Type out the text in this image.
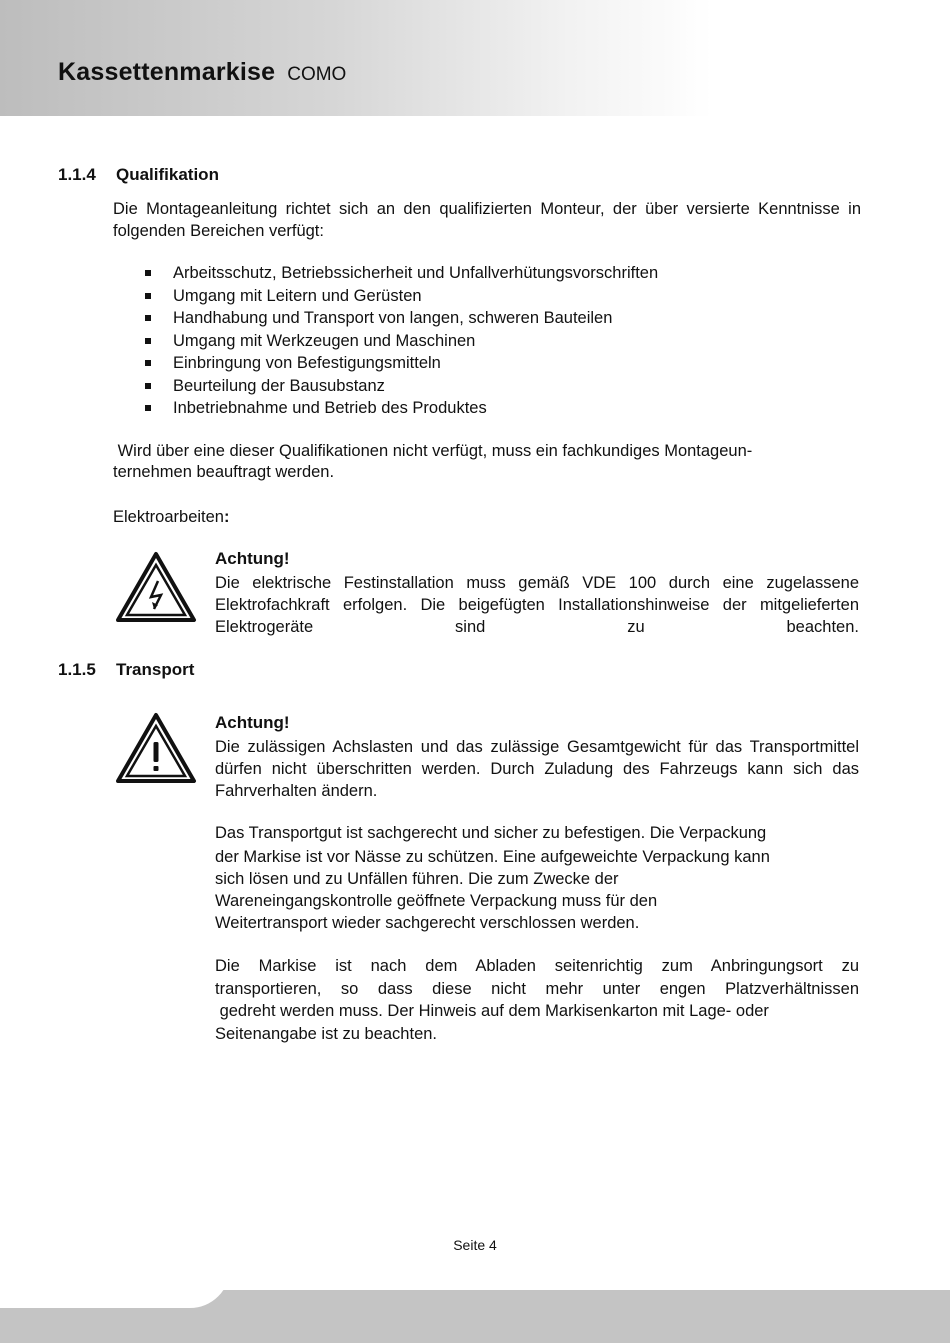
Kassettenmarkise COMO
1.1.4 Qualifikation
Die Montageanleitung richtet sich an den qualifizierten Monteur, der über versierte Kenntnisse in folgenden Bereichen verfügt:
Arbeitsschutz, Betriebssicherheit und Unfallverhütungsvorschriften
Umgang mit Leitern und Gerüsten
Handhabung und Transport von langen, schweren Bauteilen
Umgang mit Werkzeugen und Maschinen
Einbringung von Befestigungsmitteln
Beurteilung der Bausubstanz
Inbetriebnahme und Betrieb des Produktes
Wird über eine dieser Qualifikationen nicht verfügt, muss ein fachkundiges Montageun-
ternehmen beauftragt werden.
Elektroarbeiten:
Achtung!
Die elektrische Festinstallation muss gemäß VDE 100 durch eine zugelassene Elektrofachkraft erfolgen. Die beigefügten Installationshinweise der mitgelieferten Elektrogeräte sind zu beachten.
1.1.5 Transport
Achtung!
Die zulässigen Achslasten und das zulässige Gesamtgewicht für das Transportmittel dürfen nicht überschritten werden. Durch Zuladung des Fahrzeugs kann sich das Fahrverhalten ändern.
Das Transportgut ist sachgerecht und sicher zu befestigen. Die Verpackung
der Markise ist vor Nässe zu schützen. Eine aufgeweichte Verpackung kann
sich lösen und zu Unfällen führen. Die zum Zwecke der
Wareneingangskontrolle geöffnete Verpackung muss für den
Weitertransport wieder sachgerecht verschlossen werden.
Die Markise ist nach dem Abladen seitenrichtig zum Anbringungsort zu
transportieren, so dass diese nicht mehr unter engen Platzverhältnissen
gedreht werden muss. Der Hinweis auf dem Markisenkarton mit Lage- oder
Seitenangabe ist zu beachten.
Seite 4
